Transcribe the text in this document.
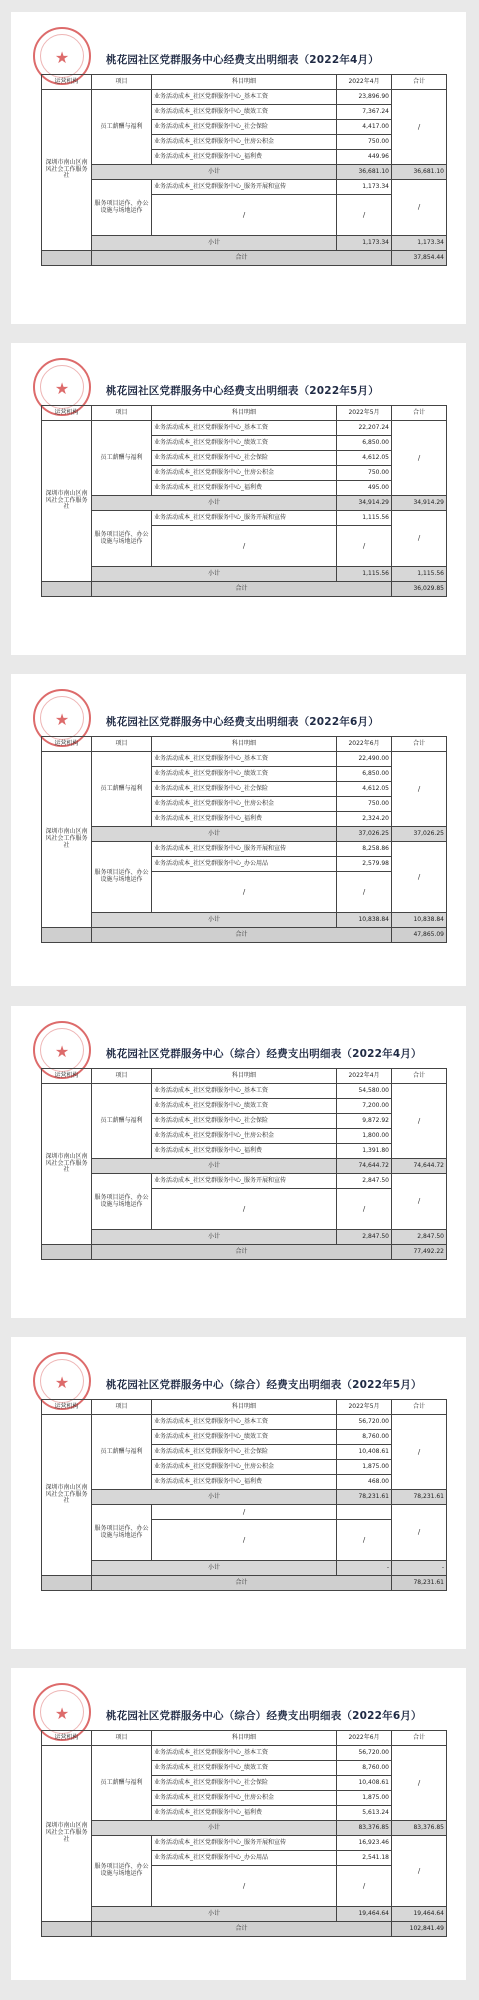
★	桃花园社区党群服务中心经费支出明细表（2022年4月）
运营机构	项目	科目明细	2022年4月	合计
深圳市南山区南风社会工作服务社	员工薪酬与福利	业务活动成本_社区党群服务中心_基本工资	23,896.90	/
		业务活动成本_社区党群服务中心_绩效工资	7,367.24	
		业务活动成本_社区党群服务中心_社会保险	4,417.00	
		业务活动成本_社区党群服务中心_住房公积金	750.00	
		业务活动成本_社区党群服务中心_福利费	449.96	
	小计		36,681.10	36,681.10
	服务项目运作、办公设施与场地运作	业务活动成本_社区党群服务中心_服务开展和宣传	1,173.34	/
		/	/	
	小计		1,173.34	1,173.34
	合计			37,854.44
★	桃花园社区党群服务中心经费支出明细表（2022年5月）
运营机构	项目	科目明细	2022年5月	合计
深圳市南山区南风社会工作服务社	员工薪酬与福利	业务活动成本_社区党群服务中心_基本工资	22,207.24	/
		业务活动成本_社区党群服务中心_绩效工资	6,850.00	
		业务活动成本_社区党群服务中心_社会保险	4,612.05	
		业务活动成本_社区党群服务中心_住房公积金	750.00	
		业务活动成本_社区党群服务中心_福利费	495.00	
	小计		34,914.29	34,914.29
	服务项目运作、办公设施与场地运作	业务活动成本_社区党群服务中心_服务开展和宣传	1,115.56	/
		/	/	
	小计		1,115.56	1,115.56
	合计			36,029.85
★	桃花园社区党群服务中心经费支出明细表（2022年6月）
运营机构	项目	科目明细	2022年6月	合计
深圳市南山区南风社会工作服务社	员工薪酬与福利	业务活动成本_社区党群服务中心_基本工资	22,490.00	/
		业务活动成本_社区党群服务中心_绩效工资	6,850.00	
		业务活动成本_社区党群服务中心_社会保险	4,612.05	
		业务活动成本_社区党群服务中心_住房公积金	750.00	
		业务活动成本_社区党群服务中心_福利费	2,324.20	
	小计		37,026.25	37,026.25
	服务项目运作、办公设施与场地运作	业务活动成本_社区党群服务中心_服务开展和宣传	8,258.86	/
		业务活动成本_社区党群服务中心_办公用品	2,579.98	
		/	/	
	小计		10,838.84	10,838.84
	合计			47,865.09
★	桃花园社区党群服务中心（综合）经费支出明细表（2022年4月）
运营机构	项目	科目明细	2022年4月	合计
深圳市南山区南风社会工作服务社	员工薪酬与福利	业务活动成本_社区党群服务中心_基本工资	54,580.00	/
		业务活动成本_社区党群服务中心_绩效工资	7,200.00	
		业务活动成本_社区党群服务中心_社会保险	9,872.92	
		业务活动成本_社区党群服务中心_住房公积金	1,800.00	
		业务活动成本_社区党群服务中心_福利费	1,391.80	
	小计		74,644.72	74,644.72
	服务项目运作、办公设施与场地运作	业务活动成本_社区党群服务中心_服务开展和宣传	2,847.50	/
		/	/	
	小计		2,847.50	2,847.50
	合计			77,492.22
★	桃花园社区党群服务中心（综合）经费支出明细表（2022年5月）
运营机构	项目	科目明细	2022年5月	合计
深圳市南山区南风社会工作服务社	员工薪酬与福利	业务活动成本_社区党群服务中心_基本工资	56,720.00	/
		业务活动成本_社区党群服务中心_绩效工资	8,760.00	
		业务活动成本_社区党群服务中心_社会保险	10,408.61	
		业务活动成本_社区党群服务中心_住房公积金	1,875.00	
		业务活动成本_社区党群服务中心_福利费	468.00	
	小计		78,231.61	78,231.61
	服务项目运作、办公设施与场地运作	/		/
		/	/	
	小计		-	-
	合计			78,231.61
★	桃花园社区党群服务中心（综合）经费支出明细表（2022年6月）
运营机构	项目	科目明细	2022年6月	合计
深圳市南山区南风社会工作服务社	员工薪酬与福利	业务活动成本_社区党群服务中心_基本工资	56,720.00	/
		业务活动成本_社区党群服务中心_绩效工资	8,760.00	
		业务活动成本_社区党群服务中心_社会保险	10,408.61	
		业务活动成本_社区党群服务中心_住房公积金	1,875.00	
		业务活动成本_社区党群服务中心_福利费	5,613.24	
	小计		83,376.85	83,376.85
	服务项目运作、办公设施与场地运作	业务活动成本_社区党群服务中心_服务开展和宣传	16,923.46	/
		业务活动成本_社区党群服务中心_办公用品	2,541.18	
		/	/	
	小计		19,464.64	19,464.64
	合计			102,841.49
